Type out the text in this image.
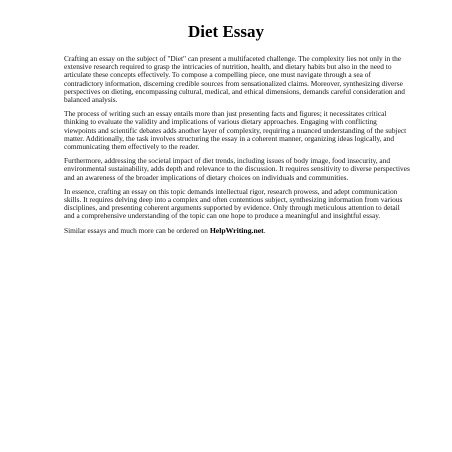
Diet Essay

Crafting an essay on the subject of "Diet" can present a multifaceted challenge. The complexity lies not only in the extensive research required to grasp the intricacies of nutrition, health, and dietary habits but also in the need to articulate these concepts effectively. To compose a compelling piece, one must navigate through a sea of contradictory information, discerning credible sources from sensationalized claims. Moreover, synthesizing diverse perspectives on dieting, encompassing cultural, medical, and ethical dimensions, demands careful consideration and balanced analysis.

The process of writing such an essay entails more than just presenting facts and figures; it necessitates critical thinking to evaluate the validity and implications of various dietary approaches. Engaging with conflicting viewpoints and scientific debates adds another layer of complexity, requiring a nuanced understanding of the subject matter. Additionally, the task involves structuring the essay in a coherent manner, organizing ideas logically, and communicating them effectively to the reader.

Furthermore, addressing the societal impact of diet trends, including issues of body image, food insecurity, and environmental sustainability, adds depth and relevance to the discussion. It requires sensitivity to diverse perspectives and an awareness of the broader implications of dietary choices on individuals and communities.

In essence, crafting an essay on this topic demands intellectual rigor, research prowess, and adept communication skills. It requires delving deep into a complex and often contentious subject, synthesizing information from various disciplines, and presenting coherent arguments supported by evidence. Only through meticulous attention to detail and a comprehensive understanding of the topic can one hope to produce a meaningful and insightful essay.

Similar essays and much more can be ordered on HelpWriting.net.
